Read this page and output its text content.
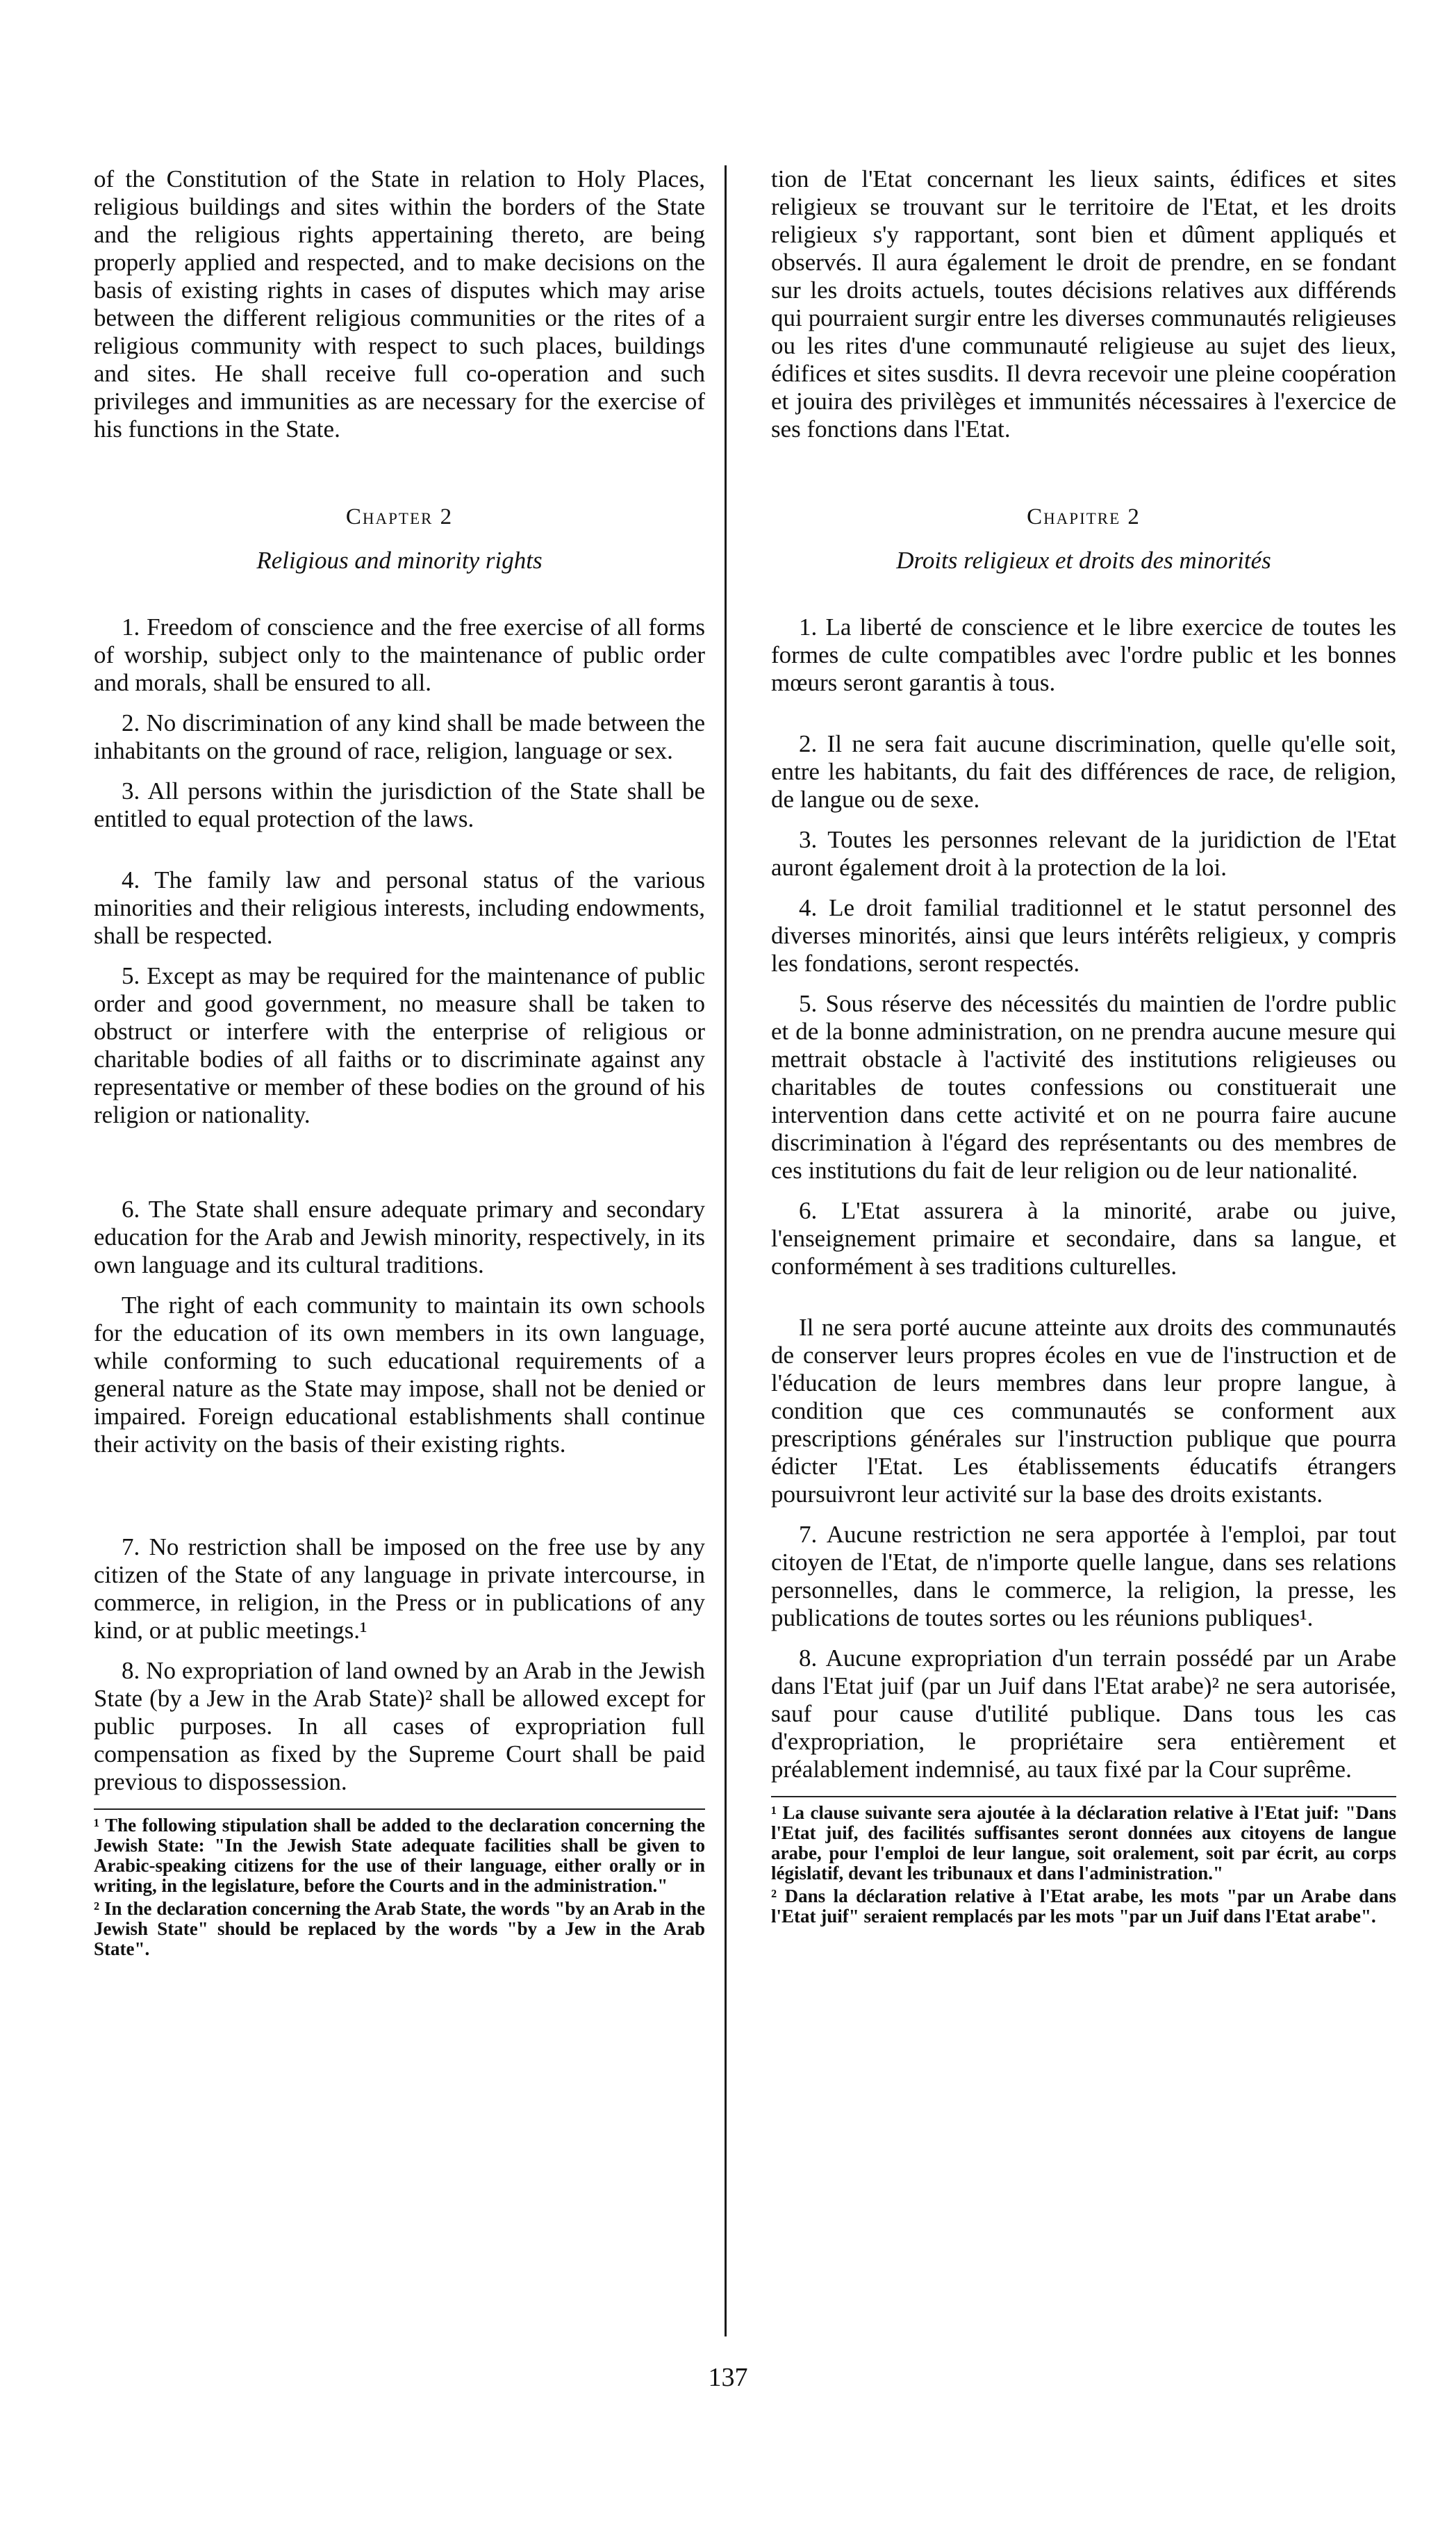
of the Constitution of the State in relation to Holy Places, religious buildings and sites within the borders of the State and the religious rights appertaining thereto, are being properly applied and respected, and to make decisions on the basis of existing rights in cases of disputes which may arise between the different religious communities or the rites of a religious community with respect to such places, buildings and sites. He shall receive full co-operation and such privileges and immunities as are necessary for the exercise of his functions in the State.

Chapter 2
Religious and minority rights

1. Freedom of conscience and the free exercise of all forms of worship, subject only to the maintenance of public order and morals, shall be ensured to all.

2. No discrimination of any kind shall be made between the inhabitants on the ground of race, religion, language or sex.

3. All persons within the jurisdiction of the State shall be entitled to equal protection of the laws.

4. The family law and personal status of the various minorities and their religious interests, including endowments, shall be respected.

5. Except as may be required for the maintenance of public order and good government, no measure shall be taken to obstruct or interfere with the enterprise of religious or charitable bodies of all faiths or to discriminate against any representative or member of these bodies on the ground of his religion or nationality.

6. The State shall ensure adequate primary and secondary education for the Arab and Jewish minority, respectively, in its own language and its cultural traditions.

The right of each community to maintain its own schools for the education of its own members in its own language, while conforming to such educational requirements of a general nature as the State may impose, shall not be denied or impaired. Foreign educational establishments shall continue their activity on the basis of their existing rights.

7. No restriction shall be imposed on the free use by any citizen of the State of any language in private intercourse, in commerce, in religion, in the Press or in publications of any kind, or at public meetings.¹

8. No expropriation of land owned by an Arab in the Jewish State (by a Jew in the Arab State)² shall be allowed except for public purposes. In all cases of expropriation full compensation as fixed by the Supreme Court shall be paid previous to dispossession.

¹ The following stipulation shall be added to the declaration concerning the Jewish State: "In the Jewish State adequate facilities shall be given to Arabic-speaking citizens for the use of their language, either orally or in writing, in the legislature, before the Courts and in the administration."

² In the declaration concerning the Arab State, the words "by an Arab in the Jewish State" should be replaced by the words "by a Jew in the Arab State".

tion de l'Etat concernant les lieux saints, édifices et sites religieux se trouvant sur le territoire de l'Etat, et les droits religieux s'y rapportant, sont bien et dûment appliqués et observés. Il aura également le droit de prendre, en se fondant sur les droits actuels, toutes décisions relatives aux différends qui pourraient surgir entre les diverses communautés religieuses ou les rites d'une communauté religieuse au sujet des lieux, édifices et sites susdits. Il devra recevoir une pleine coopération et jouira des privilèges et immunités nécessaires à l'exercice de ses fonctions dans l'Etat.

Chapitre 2
Droits religieux et droits des minorités

1. La liberté de conscience et le libre exercice de toutes les formes de culte compatibles avec l'ordre public et les bonnes mœurs seront garantis à tous.

2. Il ne sera fait aucune discrimination, quelle qu'elle soit, entre les habitants, du fait des différences de race, de religion, de langue ou de sexe.

3. Toutes les personnes relevant de la juridiction de l'Etat auront également droit à la protection de la loi.

4. Le droit familial traditionnel et le statut personnel des diverses minorités, ainsi que leurs intérêts religieux, y compris les fondations, seront respectés.

5. Sous réserve des nécessités du maintien de l'ordre public et de la bonne administration, on ne prendra aucune mesure qui mettrait obstacle à l'activité des institutions religieuses ou charitables de toutes confessions ou constituerait une intervention dans cette activité et on ne pourra faire aucune discrimination à l'égard des représentants ou des membres de ces institutions du fait de leur religion ou de leur nationalité.

6. L'Etat assurera à la minorité, arabe ou juive, l'enseignement primaire et secondaire, dans sa langue, et conformément à ses traditions culturelles.

Il ne sera porté aucune atteinte aux droits des communautés de conserver leurs propres écoles en vue de l'instruction et de l'éducation de leurs membres dans leur propre langue, à condition que ces communautés se conforment aux prescriptions générales sur l'instruction publique que pourra édicter l'Etat. Les établissements éducatifs étrangers poursuivront leur activité sur la base des droits existants.

7. Aucune restriction ne sera apportée à l'emploi, par tout citoyen de l'Etat, de n'importe quelle langue, dans ses relations personnelles, dans le commerce, la religion, la presse, les publications de toutes sortes ou les réunions publiques¹.

8. Aucune expropriation d'un terrain possédé par un Arabe dans l'Etat juif (par un Juif dans l'Etat arabe)² ne sera autorisée, sauf pour cause d'utilité publique. Dans tous les cas d'expropriation, le propriétaire sera entièrement et préalablement indemnisé, au taux fixé par la Cour suprême.

¹ La clause suivante sera ajoutée à la déclaration relative à l'Etat juif: "Dans l'Etat juif, des facilités suffisantes seront données aux citoyens de langue arabe, pour l'emploi de leur langue, soit oralement, soit par écrit, au corps législatif, devant les tribunaux et dans l'administration."

² Dans la déclaration relative à l'Etat arabe, les mots "par un Arabe dans l'Etat juif" seraient remplacés par les mots "par un Juif dans l'Etat arabe".

137
